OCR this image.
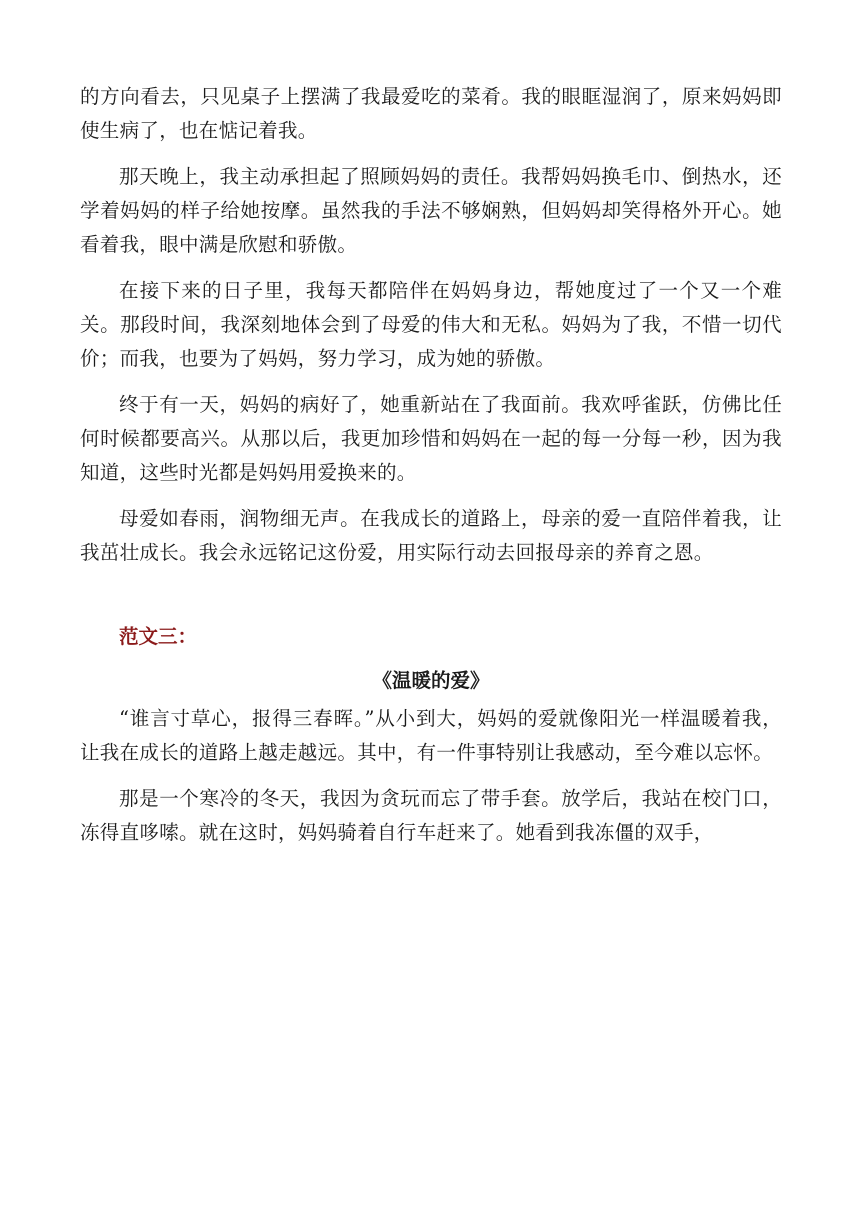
的方向看去，只见桌子上摆满了我最爱吃的菜肴。我的眼眶湿润了，原来妈妈即使生病了，也在惦记着我。

那天晚上，我主动承担起了照顾妈妈的责任。我帮妈妈换毛巾、倒热水，还学着妈妈的样子给她按摩。虽然我的手法不够娴熟，但妈妈却笑得格外开心。她看着我，眼中满是欣慰和骄傲。

在接下来的日子里，我每天都陪伴在妈妈身边，帮她度过了一个又一个难关。那段时间，我深刻地体会到了母爱的伟大和无私。妈妈为了我，不惜一切代价；而我，也要为了妈妈，努力学习，成为她的骄傲。

终于有一天，妈妈的病好了，她重新站在了我面前。我欢呼雀跃，仿佛比任何时候都要高兴。从那以后，我更加珍惜和妈妈在一起的每一分每一秒，因为我知道，这些时光都是妈妈用爱换来的。

母爱如春雨，润物细无声。在我成长的道路上，母亲的爱一直陪伴着我，让我茁壮成长。我会永远铭记这份爱，用实际行动去回报母亲的养育之恩。

范文三：
《温暖的爱》

“谁言寸草心，报得三春晖。”从小到大，妈妈的爱就像阳光一样温暖着我，让我在成长的道路上越走越远。其中，有一件事特别让我感动，至今难以忘怀。

那是一个寒冷的冬天，我因为贪玩而忘了带手套。放学后，我站在校门口，冻得直哆嗦。就在这时，妈妈骑着自行车赶来了。她看到我冻僵的双手，
